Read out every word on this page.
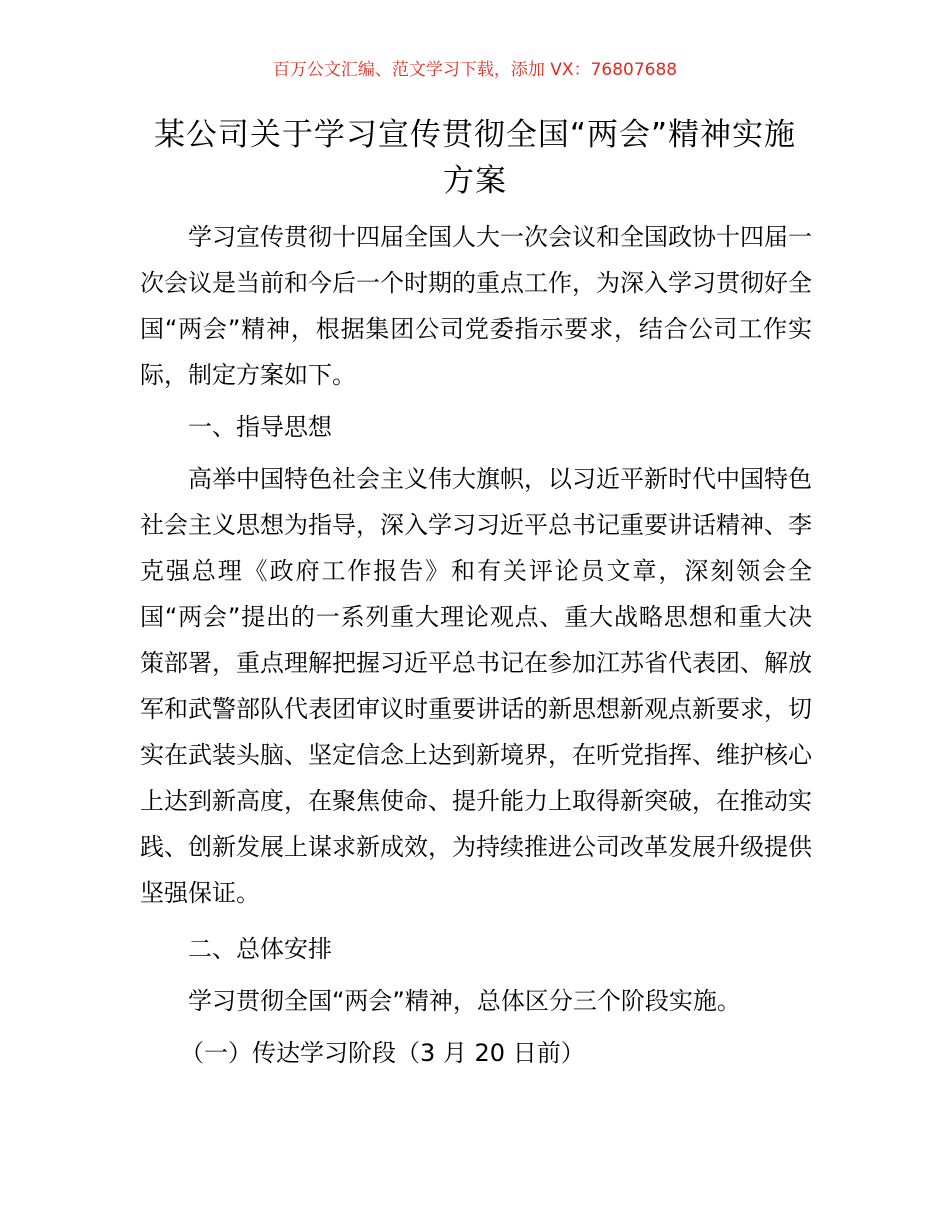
百万公文汇编、范文学习下载，添加 VX：76807688
某公司关于学习宣传贯彻全国“两会”精神实施方案

学习宣传贯彻十四届全国人大一次会议和全国政协十四届一次会议是当前和今后一个时期的重点工作，为深入学习贯彻好全国“两会”精神，根据集团公司党委指示要求，结合公司工作实际，制定方案如下。

一、指导思想

高举中国特色社会主义伟大旗帜，以习近平新时代中国特色社会主义思想为指导，深入学习习近平总书记重要讲话精神、李克强总理《政府工作报告》和有关评论员文章，深刻领会全国“两会”提出的一系列重大理论观点、重大战略思想和重大决策部署，重点理解把握习近平总书记在参加江苏省代表团、解放军和武警部队代表团审议时重要讲话的新思想新观点新要求，切实在武装头脑、坚定信念上达到新境界，在听党指挥、维护核心上达到新高度，在聚焦使命、提升能力上取得新突破，在推动实践、创新发展上谋求新成效，为持续推进公司改革发展升级提供坚强保证。

二、总体安排

学习贯彻全国“两会”精神，总体区分三个阶段实施。

（一）传达学习阶段（3 月 20 日前）
